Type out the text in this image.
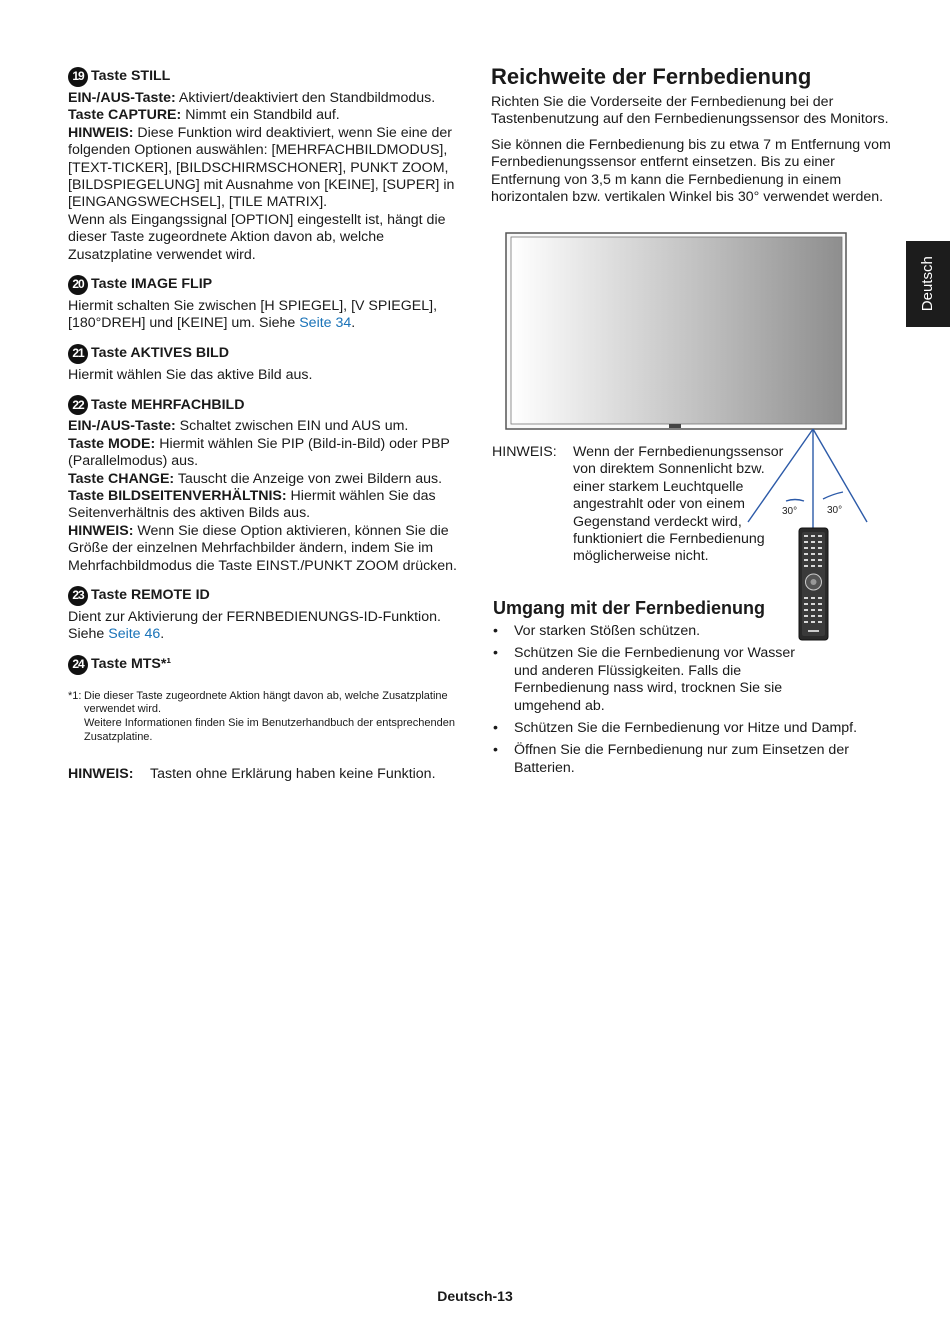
19 Taste STILL

EIN-/AUS-Taste: Aktiviert/deaktiviert den Standbildmodus.

Taste CAPTURE: Nimmt ein Standbild auf.

HINWEIS: Diese Funktion wird deaktiviert, wenn Sie eine der folgenden Optionen auswählen: [MEHRFACHBILDMODUS], [TEXT-TICKER], [BILDSCHIRMSCHONER], PUNKT ZOOM, [BILDSPIEGELUNG] mit Ausnahme von [KEINE], [SUPER] in [EINGANGSWECHSEL], [TILE MATRIX].

Wenn als Eingangssignal [OPTION] eingestellt ist, hängt die dieser Taste zugeordnete Aktion davon ab, welche Zusatzplatine verwendet wird.

20 Taste IMAGE FLIP

Hiermit schalten Sie zwischen [H SPIEGEL], [V SPIEGEL], [180°DREH] und [KEINE] um. Siehe Seite 34.

21 Taste AKTIVES BILD

Hiermit wählen Sie das aktive Bild aus.

22 Taste MEHRFACHBILD

EIN-/AUS-Taste: Schaltet zwischen EIN und AUS um.

Taste MODE: Hiermit wählen Sie PIP (Bild-in-Bild) oder PBP (Parallelmodus) aus.

Taste CHANGE: Tauscht die Anzeige von zwei Bildern aus.

Taste BILDSEITENVERHÄLTNIS: Hiermit wählen Sie das Seitenverhältnis des aktiven Bilds aus.

HINWEIS: Wenn Sie diese Option aktivieren, können Sie die Größe der einzelnen Mehrfachbilder ändern, indem Sie im Mehrfachbildmodus die Taste EINST./PUNKT ZOOM drücken.

23 Taste REMOTE ID

Dient zur Aktivierung der FERNBEDIENUNGS-ID-Funktion. Siehe Seite 46.

24 Taste MTS*¹
*1: Die dieser Taste zugeordnete Aktion hängt davon ab, welche Zusatzplatine verwendet wird.

Weitere Informationen finden Sie im Benutzerhandbuch der entsprechenden Zusatzplatine.

HINWEIS:	Tasten ohne Erklärung haben keine Funktion.
Reichweite der Fernbedienung

Richten Sie die Vorderseite der Fernbedienung bei der Tastenbenutzung auf den Fernbedienungssensor des Monitors.

Sie können die Fernbedienung bis zu etwa 7 m Entfernung vom Fernbedienungssensor entfernt einsetzen. Bis zu einer Entfernung von 3,5 m kann die Fernbedienung in einem horizontalen bzw. vertikalen Winkel bis 30° verwendet werden.

30°	30°
HINWEIS:	Wenn der Fernbedienungssensor von direktem Sonnenlicht bzw. einer starkem Leuchtquelle angestrahlt oder von einem Gegenstand verdeckt wird, funktioniert die Fernbedienung möglicherweise nicht.
Umgang mit der Fernbedienung
•	Vor starken Stößen schützen.
•	Schützen Sie die Fernbedienung vor Wasser und anderen Flüssigkeiten. Falls die Fernbedienung nass wird, trocknen Sie sie umgehend ab.
•	Schützen Sie die Fernbedienung vor Hitze und Dampf.
•	Öffnen Sie die Fernbedienung nur zum Einsetzen der Batterien.
Deutsch
Deutsch-13
